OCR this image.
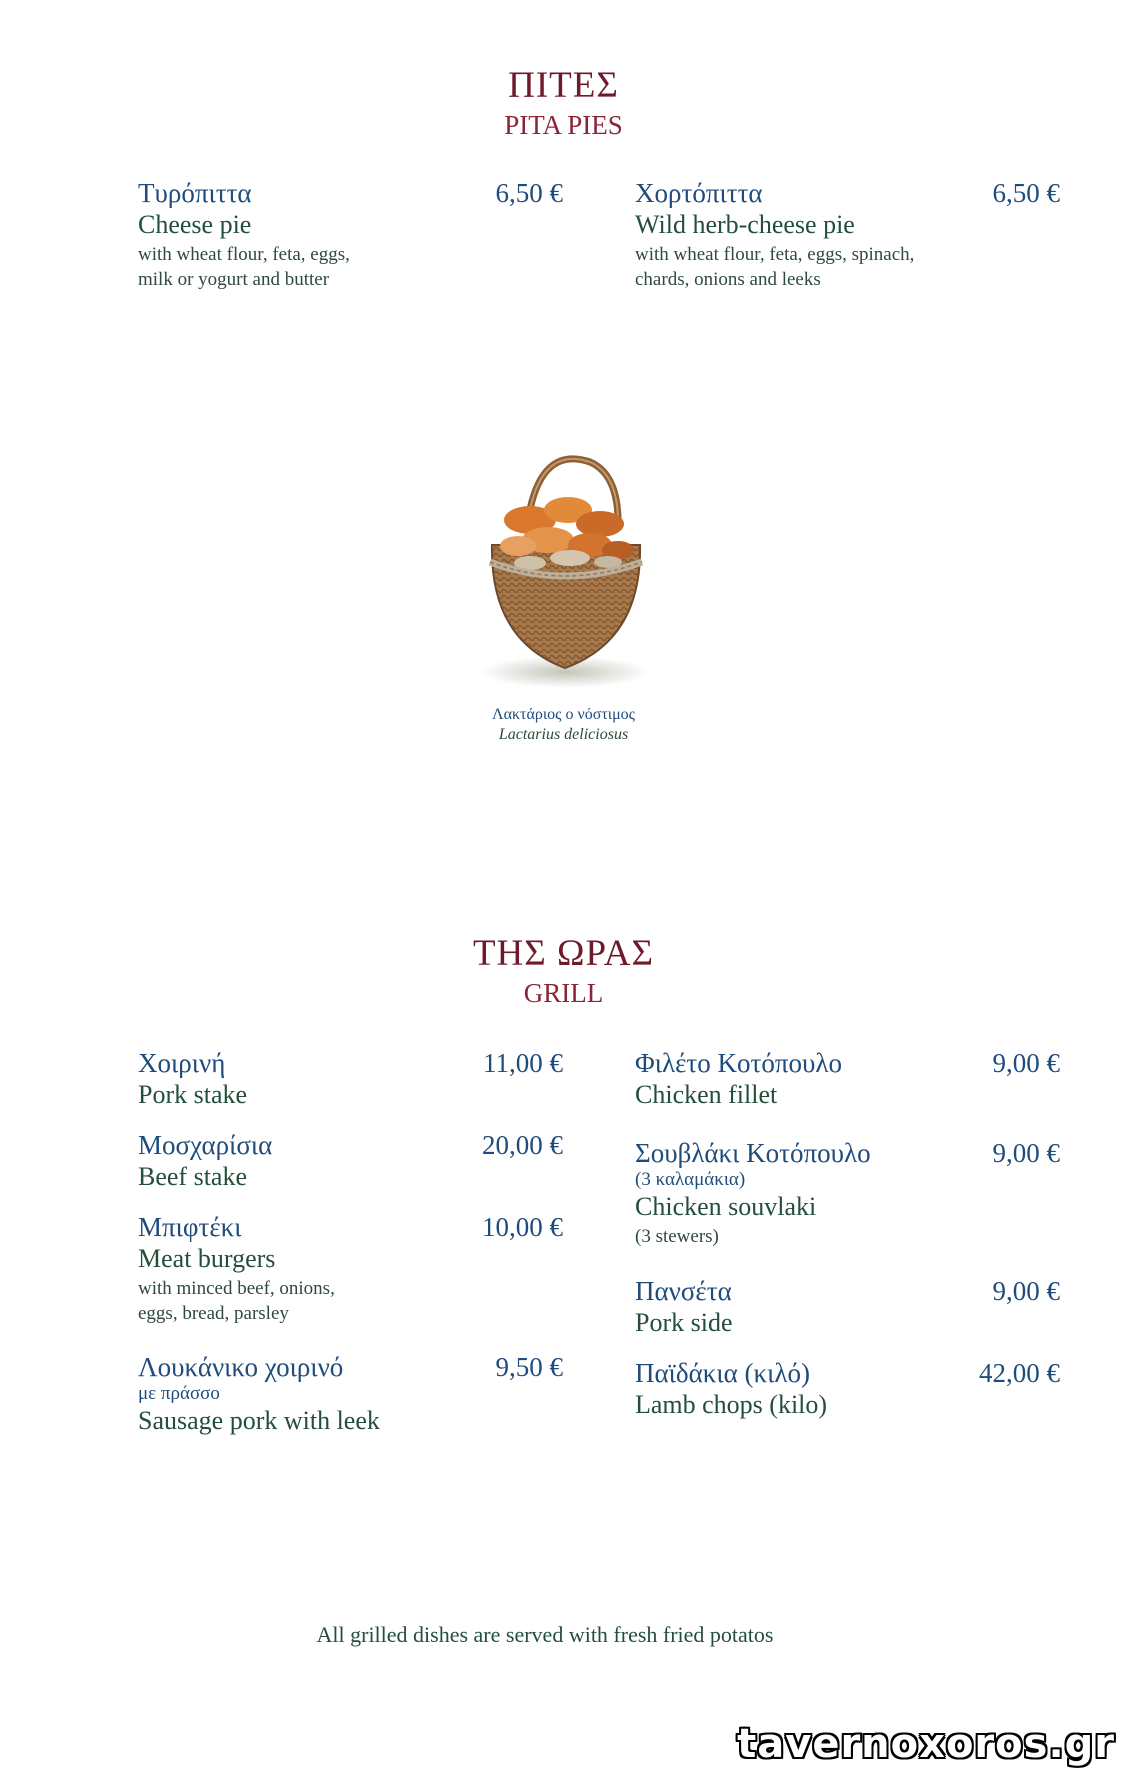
ΠΙΤΕΣ
PITA PIES
Τυρόπιττα	6,50 €
Cheese pie
with wheat flour, feta, eggs,
milk or yogurt and butter
Χορτόπιττα	6,50 €
Wild herb-cheese pie
with wheat flour, feta, eggs, spinach,
chards, onions and leeks
Λακτάριος ο νόστιμος
Lactarius deliciosus
ΤΗΣ ΩΡΑΣ
GRILL
Χοιρινή	11,00 €
Pork stake
Μοσχαρίσια	20,00 €
Beef stake
Μπιφτέκι	10,00 €
Meat burgers
with minced beef, onions,
eggs, bread, parsley
Λουκάνικο χοιρινό	9,50 €
με πράσσο
Sausage pork with leek
Φιλέτο Κοτόπουλο	9,00 €
Chicken fillet
Σουβλάκι Κοτόπουλο	9,00 €
(3 καλαμάκια)
Chicken souvlaki
(3 stewers)
Πανσέτα	9,00 €
Pork side
Παϊδάκια (κιλό)	42,00 €
Lamb chops (kilo)
All grilled dishes are served with fresh fried potatos
tavernoxoros.gr
